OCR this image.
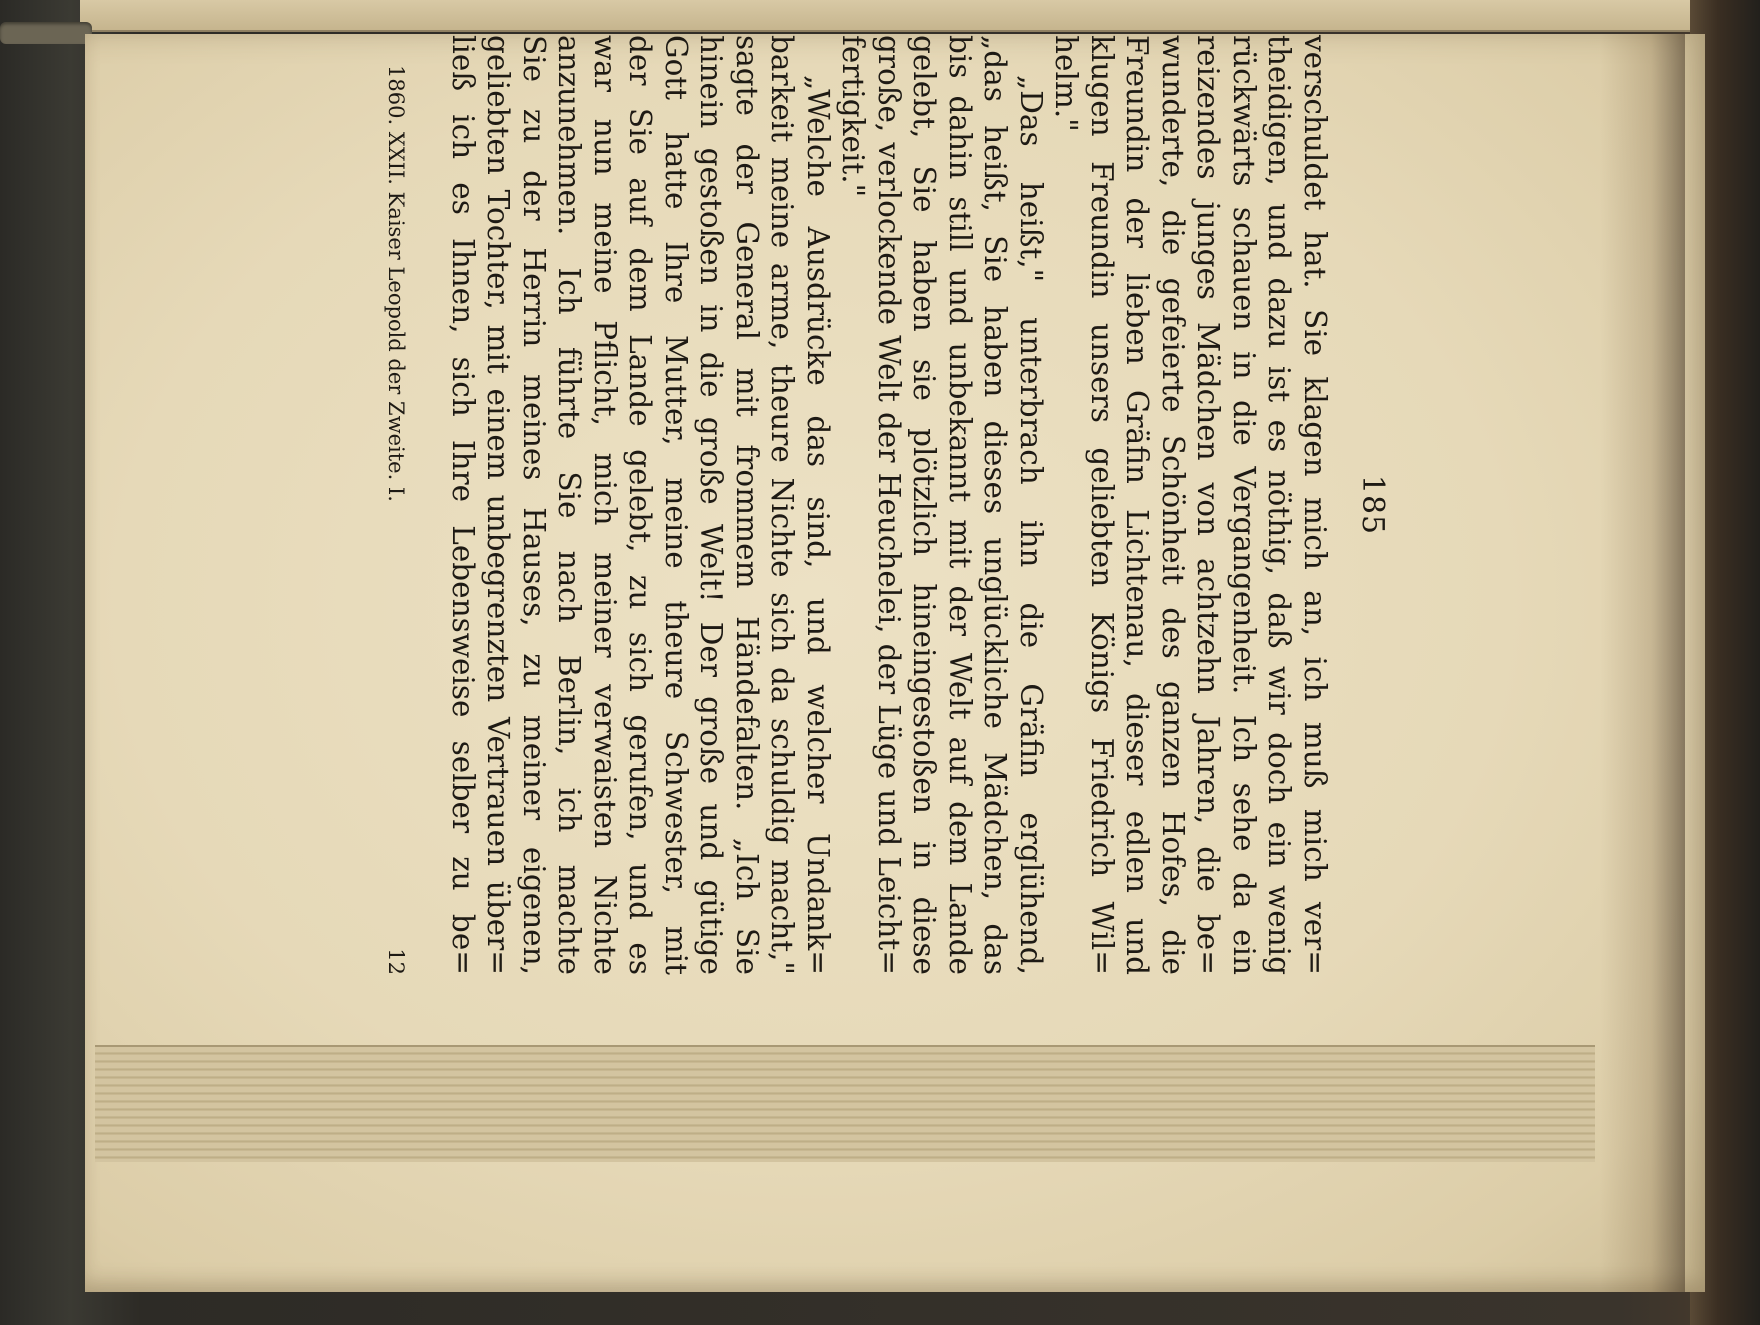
185
verschuldet hat. Sie klagen mich an, ich muß mich ver=
theidigen, und dazu ist es nöthig, daß wir doch ein wenig
rückwärts schauen in die Vergangenheit. Ich sehe da ein
reizendes junges Mädchen von achtzehn Jahren, die be=
wunderte, die gefeierte Schönheit des ganzen Hofes, die
Freundin der lieben Gräfin Lichtenau, dieser edlen und
klugen Freundin unsers geliebten Königs Friedrich Wil=
helm."
„Das heißt," unterbrach ihn die Gräfin erglühend,
„das heißt, Sie haben dieses unglückliche Mädchen, das
bis dahin still und unbekannt mit der Welt auf dem Lande
gelebt, Sie haben sie plötzlich hineingestoßen in diese
große, verlockende Welt der Heuchelei, der Lüge und Leicht=
fertigkeit."
„Welche Ausdrücke das sind, und welcher Undank=
barkeit meine arme, theure Nichte sich da schuldig macht,"
sagte der General mit frommem Händefalten. „Ich Sie
hinein gestoßen in die große Welt! Der große und gütige
Gott hatte Ihre Mutter, meine theure Schwester, mit
der Sie auf dem Lande gelebt, zu sich gerufen, und es
war nun meine Pflicht, mich meiner verwaisten Nichte
anzunehmen. Ich führte Sie nach Berlin, ich machte
Sie zu der Herrin meines Hauses, zu meiner eigenen,
geliebten Tochter, mit einem unbegrenzten Vertrauen über=
ließ ich es Ihnen, sich Ihre Lebensweise selber zu be=
1860. XXII. Kaiser Leopold der Zweite. I.
12
